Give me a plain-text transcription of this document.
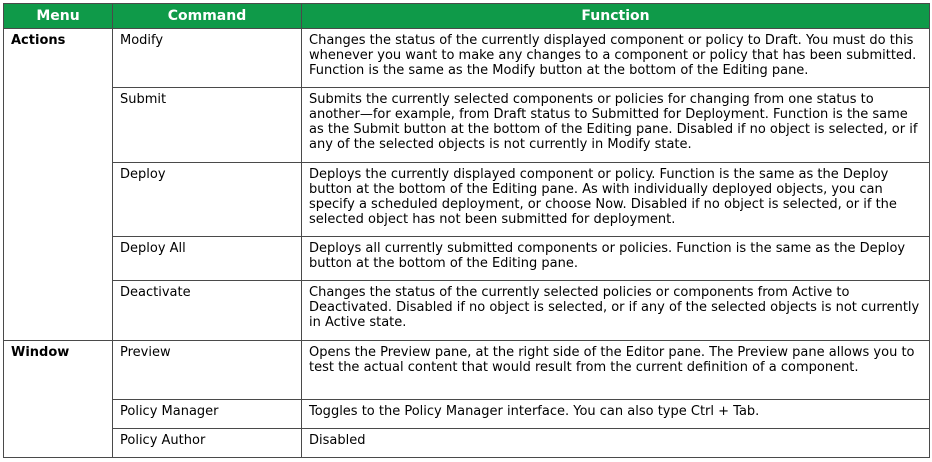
Menu	Command	Function
Actions	Modify	Changes the status of the currently displayed component or policy to Draft. You must do this whenever you want to make any changes to a component or policy that has been submitted. Function is the same as the Modify button at the bottom of the Editing pane.
	Submit	Submits the currently selected components or policies for changing from one status to another—for example, from Draft status to Submitted for Deployment. Function is the same as the Submit button at the bottom of the Editing pane. Disabled if no object is selected, or if any of the selected objects is not currently in Modify state.
	Deploy	Deploys the currently displayed component or policy. Function is the same as the Deploy button at the bottom of the Editing pane. As with individually deployed objects, you can specify a scheduled deployment, or choose Now. Disabled if no object is selected, or if the selected object has not been submitted for deployment.
	Deploy All	Deploys all currently submitted components or policies. Function is the same as the Deploy button at the bottom of the Editing pane.
	Deactivate	Changes the status of the currently selected policies or components from Active to Deactivated. Disabled if no object is selected, or if any of the selected objects is not currently in Active state.
Window	Preview	Opens the Preview pane, at the right side of the Editor pane. The Preview pane allows you to test the actual content that would result from the current definition of a component.
	Policy Manager	Toggles to the Policy Manager interface. You can also type Ctrl + Tab.
	Policy Author	Disabled
